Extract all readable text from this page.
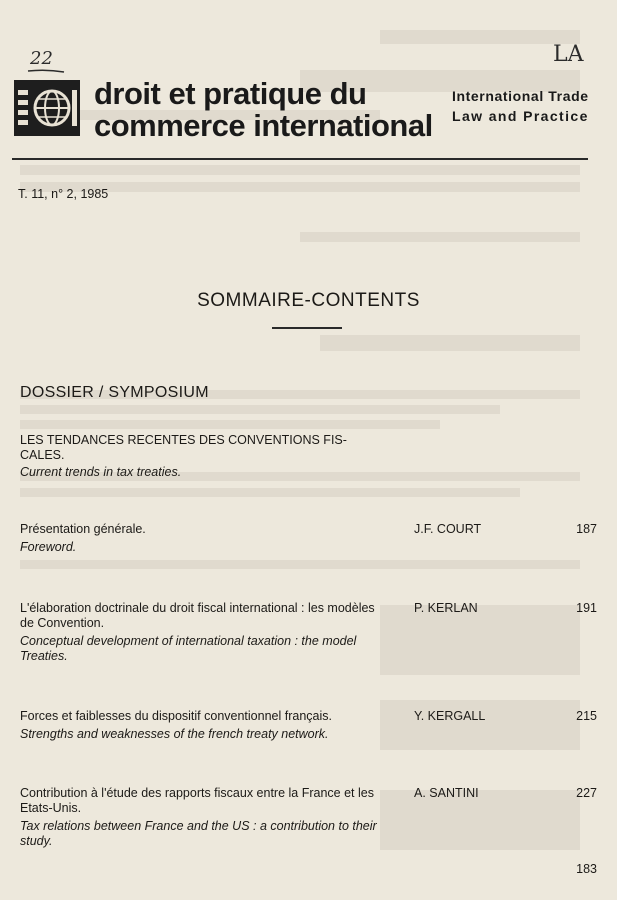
22	LA
droit et pratique du
commerce international
International Trade
Law and Practice
T. 11, n° 2, 1985
SOMMAIRE-CONTENTS
DOSSIER / SYMPOSIUM
LES TENDANCES RECENTES DES CONVENTIONS FIS-CALES.
Current trends in tax treaties.
Présentation générale.
Foreword.
J.F. COURT	187
L'élaboration doctrinale du droit fiscal international : les modèles de Convention.
Conceptual development of international taxation : the model Treaties.
P. KERLAN	191
Forces et faiblesses du dispositif conventionnel français.
Strengths and weaknesses of the french treaty network.
Y. KERGALL	215
Contribution à l'étude des rapports fiscaux entre la France et les Etats-Unis.
Tax relations between France and the US : a contribution to their study.
A. SANTINI	227
183
